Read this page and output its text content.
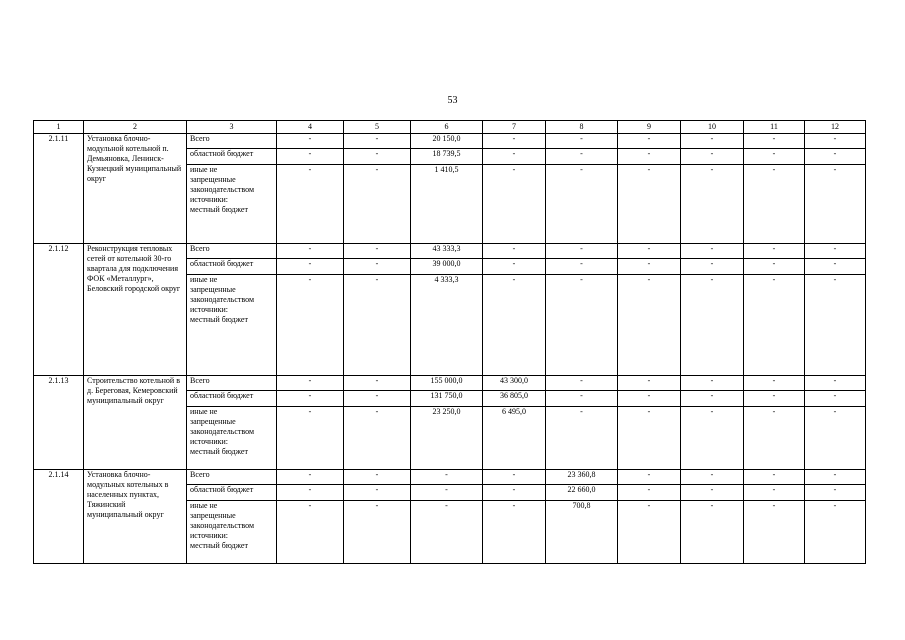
53
1	2	3	4	5	6	7	8	9	10	11	12
2.1.11	Установка блочно-модульной котельной п. Демьяновка, Ленинск-Кузнецкий муниципальный округ	Всего	-	-	20 150,0	-	-	-	-	-	-
		областной бюджет	-	-	18 739,5	-	-	-	-	-	-

		иные не
запрещенные
законодательством
источники:
местный бюджет	-	-	1 410,5	-	-	-	-	-	-
2.1.12	Реконструкция тепловых сетей от котельной 30-го квартала для подключения ФОК «Металлург», Беловский городской округ	Всего	-	-	43 333,3	-	-	-	-	-	-
		областной бюджет	-	-	39 000,0	-	-	-	-	-	-

		иные не
запрещенные
законодательством
источники:
местный бюджет	-	-	4 333,3	-	-	-	-	-	-
2.1.13	Строительство котельной в д. Береговая, Кемеровский муниципальный округ	Всего	-	-	155 000,0	43 300,0	-	-	-	-	-
		областной бюджет	-	-	131 750,0	36 805,0	-	-	-	-	-

		иные не
запрещенные
законодательством
источники:
местный бюджет	-	-	23 250,0	6 495,0	-	-	-	-	-
2.1.14	Установка блочно-модульных котельных в населенных пунктах, Тяжинский муниципальный округ	Всего	-	-	-	-	23 360,8	-	-	-	-
		областной бюджет	-	-	-	-	22 660,0	-	-	-	-

		иные не
запрещенные
законодательством
источники:
местный бюджет	-	-	-	-	700,8	-	-	-	-
